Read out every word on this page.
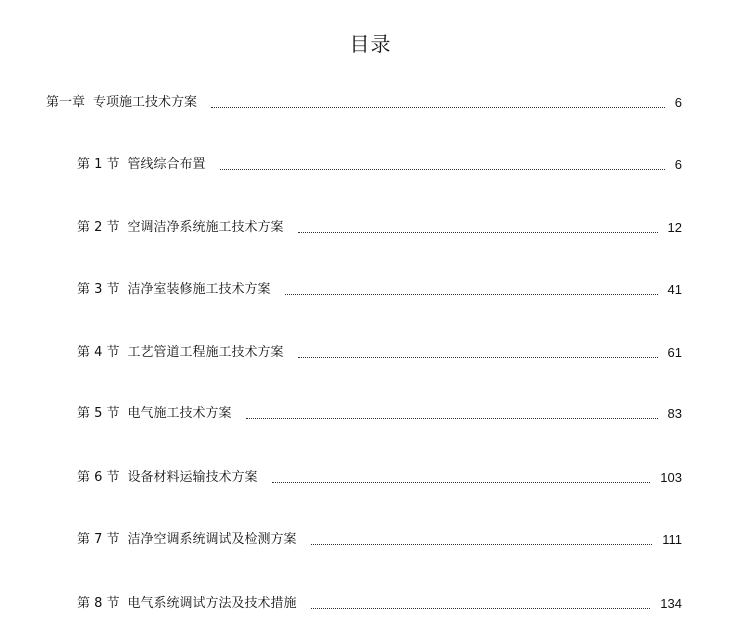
目录
第一章 专项施工技术方案	6
第 1 节 管线综合布置	6
第 2 节 空调洁净系统施工技术方案	12
第 3 节 洁净室装修施工技术方案	41
第 4 节 工艺管道工程施工技术方案	61
第 5 节 电气施工技术方案	83
第 6 节 设备材料运输技术方案	103
第 7 节 洁净空调系统调试及检测方案	111
第 8 节 电气系统调试方法及技术措施	134
